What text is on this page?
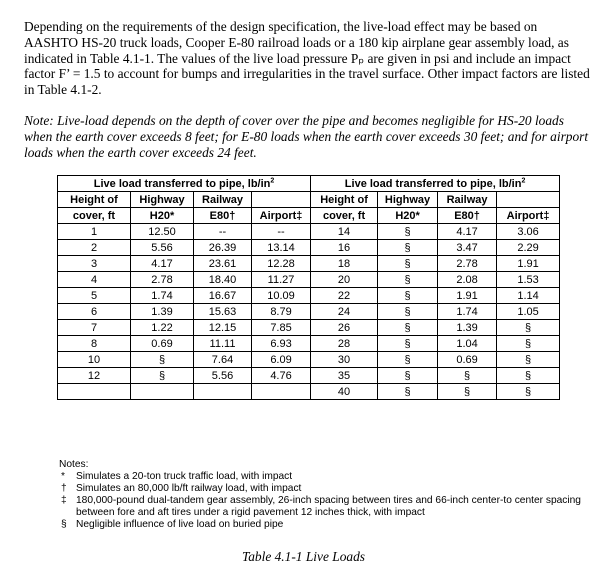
Depending on the requirements of the design specification, the live-load effect may be based on AASHTO HS-20 truck loads, Cooper E-80 railroad loads or a 180 kip airplane gear assembly load, as indicated in Table 4.1-1. The values of the live load pressure Pₚ are given in psi and include an impact factor F’ = 1.5 to account for bumps and irregularities in the travel surface. Other impact factors are listed in Table 4.1-2.

Note: Live-load depends on the depth of cover over the pipe and becomes negligible for HS-20 loads when the earth cover exceeds 8 feet; for E-80 loads when the earth cover exceeds 30 feet; and for airport loads when the earth cover exceeds 24 feet.

Live load transferred to pipe, $lb/in^2$				Live load transferred to pipe, $lb/in^2$
Height of	Highway	Railway		Height of	Highway	Railway	
cover, ft	H20*	E80†	Airport‡	cover, ft	H20*	E80†	Airport‡
1	12.50	--	--	14	§	4.17	3.06
2	5.56	26.39	13.14	16	§	3.47	2.29
3	4.17	23.61	12.28	18	§	2.78	1.91
4	2.78	18.40	11.27	20	§	2.08	1.53
5	1.74	16.67	10.09	22	§	1.91	1.14
6	1.39	15.63	8.79	24	§	1.74	1.05
7	1.22	12.15	7.85	26	§	1.39	§
8	0.69	11.11	6.93	28	§	1.04	§
10	§	7.64	6.09	30	§	0.69	§
12	§	5.56	4.76	35	§	§	§
				40	§	§	§
Notes:
* Simulates a 20-ton truck traffic load, with impact
† Simulates an 80,000 lb/ft railway load, with impact
‡ 180,000-pound dual-tandem gear assembly, 26-inch spacing between tires and 66-inch center-to center spacing between fore and aft tires under a rigid pavement 12 inches thick, with impact
§ Negligible influence of live load on buried pipe
Table 4.1-1 Live Loads
